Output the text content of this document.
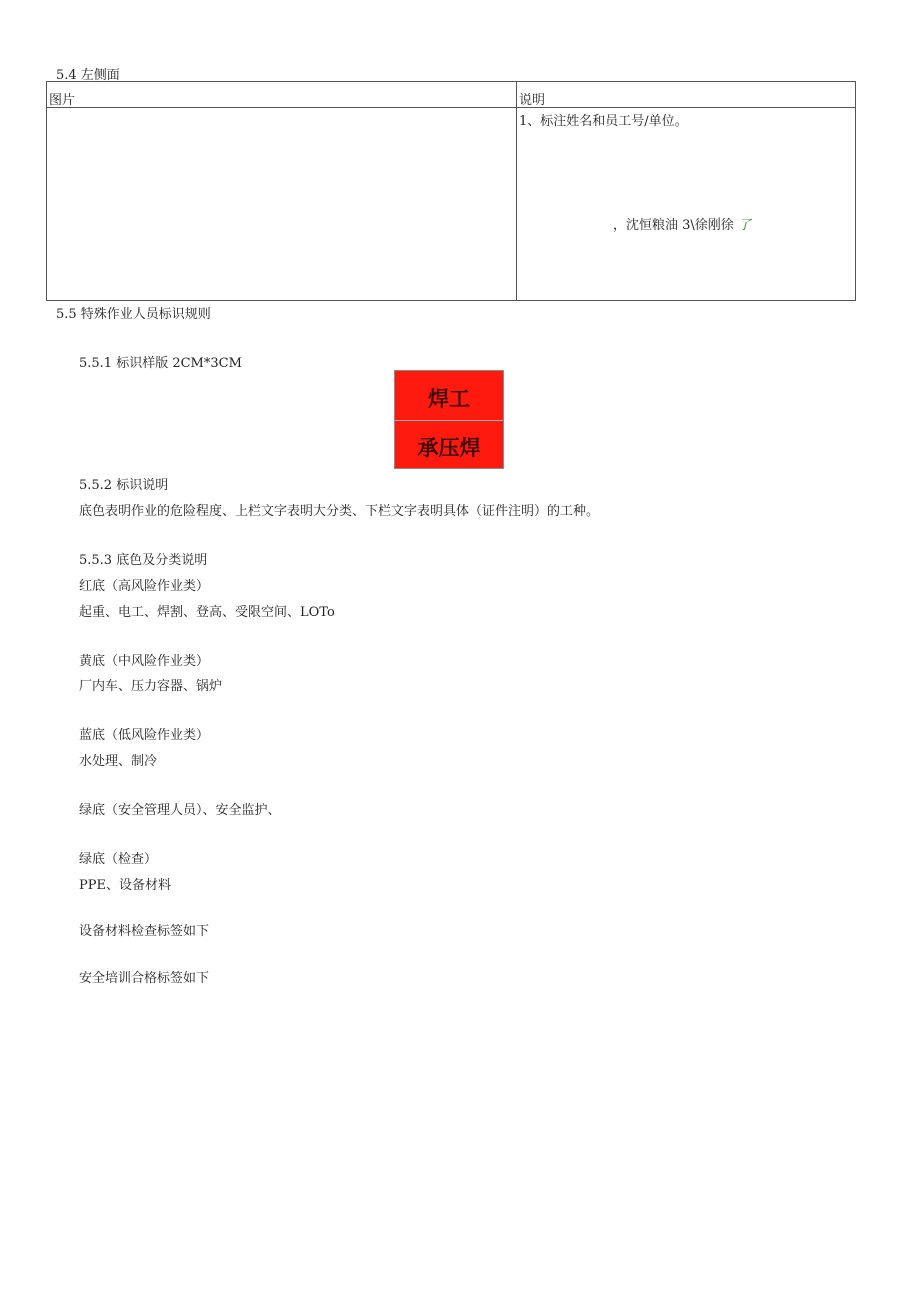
5.4 左侧面
图片	说明
1、标注姓名和员工号/单位。
，沈恒粮油 3\徐刚徐 了
5.5 特殊作业人员标识规则
5.5.1 标识样版 2CM*3CM
焊工
承压焊
5.5.2 标识说明
底色表明作业的危险程度、上栏文字表明大分类、下栏文字表明具体（证件注明）的工种。
5.5.3 底色及分类说明
红底（高风险作业类）
起重、电工、焊割、登高、受限空间、LOTo
黄底（中风险作业类）
厂内车、压力容器、锅炉
蓝底（低风险作业类）
水处理、制冷
绿底（安全管理人员）、安全监护、
绿底（检查）
PPE、设备材料
设备材料检查标签如下
安全培训合格标签如下
